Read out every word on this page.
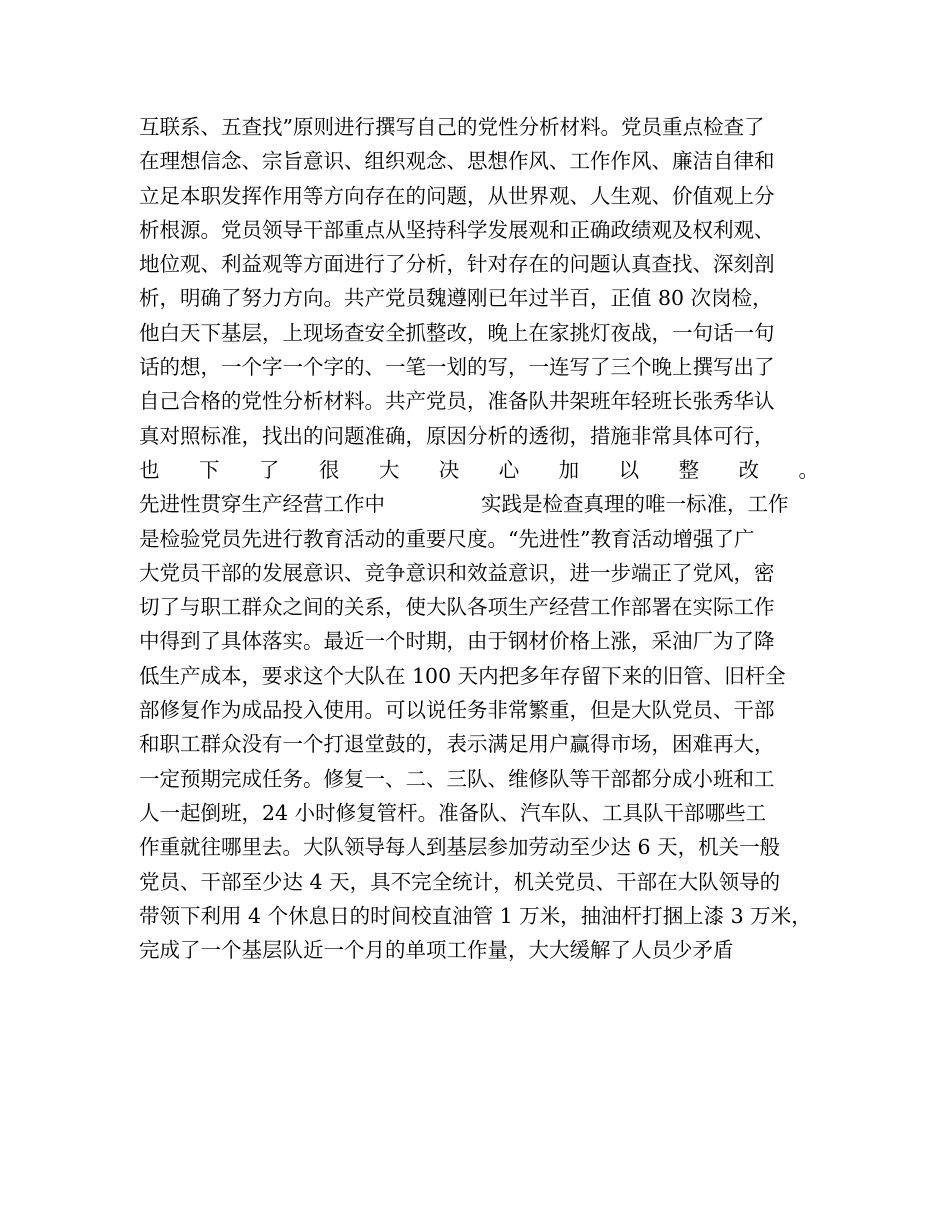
互联系、五查找”原则进行撰写自己的党性分析材料。党员重点检查了
在理想信念、宗旨意识、组织观念、思想作风、工作作风、廉洁自律和
立足本职发挥作用等方向存在的问题，从世界观、人生观、价值观上分
析根源。党员领导干部重点从坚持科学发展观和正确政绩观及权利观、
地位观、利益观等方面进行了分析，针对存在的问题认真查找、深刻剖
析，明确了努力方向。共产党员魏遵刚已年过半百，正值 80 次岗检，
他白天下基层，上现场查安全抓整改，晚上在家挑灯夜战，一句话一句
话的想，一个字一个字的、一笔一划的写，一连写了三个晚上撰写出了
自己合格的党性分析材料。共产党员，准备队井架班年轻班长张秀华认
真对照标准，找出的问题准确，原因分析的透彻，措施非常具体可行，
也 下 了 很 大 决 心 加 以 整 改 。
先进性贯穿生产经营工作中	实践是检查真理的唯一标准，工作
是检验党员先进行教育活动的重要尺度。“先进性”教育活动增强了广
大党员干部的发展意识、竞争意识和效益意识，进一步端正了党风，密
切了与职工群众之间的关系，使大队各项生产经营工作部署在实际工作
中得到了具体落实。最近一个时期，由于钢材价格上涨，采油厂为了降
低生产成本，要求这个大队在 100 天内把多年存留下来的旧管、旧杆全
部修复作为成品投入使用。可以说任务非常繁重，但是大队党员、干部
和职工群众没有一个打退堂鼓的，表示满足用户赢得市场，困难再大，
一定预期完成任务。修复一、二、三队、维修队等干部都分成小班和工
人一起倒班，24 小时修复管杆。准备队、汽车队、工具队干部哪些工
作重就往哪里去。大队领导每人到基层参加劳动至少达 6 天，机关一般
党员、干部至少达 4 天，具不完全统计，机关党员、干部在大队领导的
带领下利用 4 个休息日的时间校直油管 1 万米，抽油杆打捆上漆 3 万米，
完成了一个基层队近一个月的单项工作量，大大缓解了人员少矛盾
